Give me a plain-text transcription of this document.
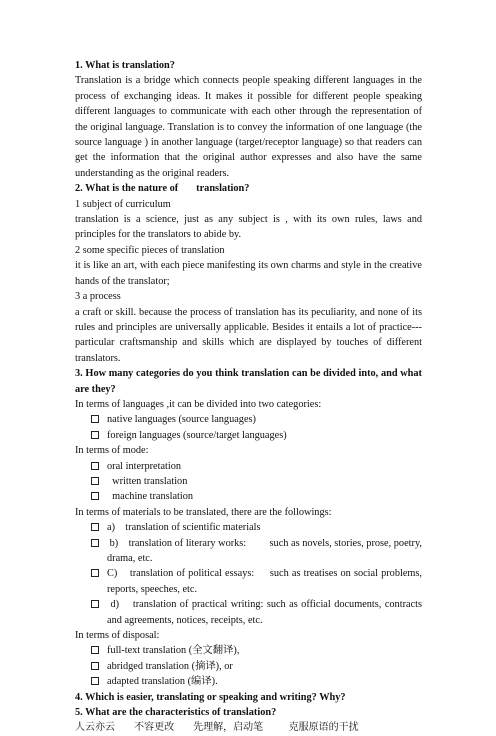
1. What is translation?
Translation is a bridge which connects people speaking different languages in the process of exchanging ideas. It makes it possible for different people speaking different languages to communicate with each other through the representation of the original language. Translation is to convey the information of one language (the source language ) in another language (target/receptor language) so that readers can get the information that the original author expresses and also have the same understanding as the original readers.
2. What is the nature of       translation?
1 subject of curriculum
translation is a science, just as any subject is , with its own rules, laws and principles for the translators to abide by.
2 some specific pieces of translation
it is like an art, with each piece manifesting its own charms and style in the creative hands of the translator;
3 a process
a craft or skill. because the process of translation has its peculiarity, and none of its rules and principles are universally applicable. Besides it entails a lot of practice---particular craftsmanship and skills which are displayed by touches of different translators.
3. How many categories do you think translation can be divided into, and what are they?
In terms of languages ,it can be divided into two categories:
native languages (source languages)
foreign languages (source/target languages)
In terms of mode:
oral interpretation
written translation
machine translation
In terms of materials to be translated, there are the followings:
a)    translation of scientific materials
b)    translation of literary works:         such as novels, stories, prose, poetry, drama, etc.
C)    translation of political essays:     such as treatises on social problems, reports, speeches, etc.
d)    translation of practical writing: such as official documents, contracts and agreements, notices, receipts, etc.
In terms of disposal:
full-text translation (全文翻译),
abridged translation (摘译), or
adapted translation (编译).
4. Which is easier, translating or speaking and writing? Why?
5. What are the characteristics of translation?
人云亦云      不容更改      先理解，启动笔        克服原语的干扰
